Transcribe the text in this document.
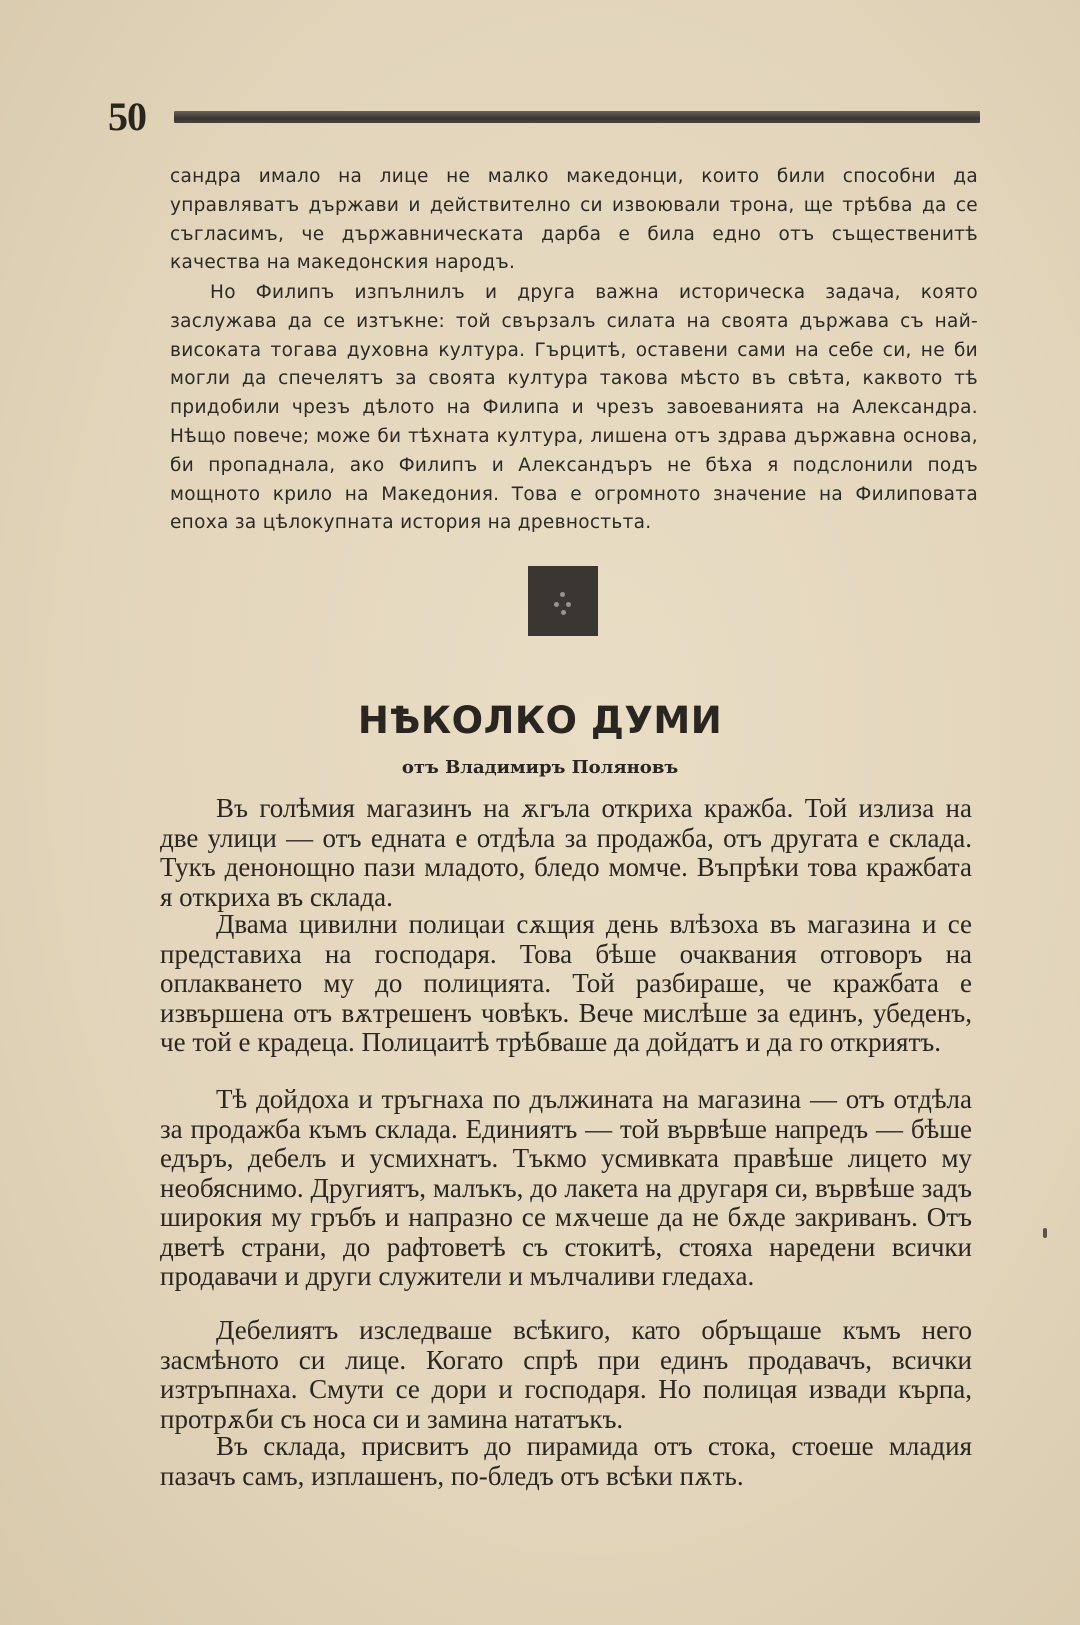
50

сандра имало на лице не малко македонци, които били способни да управляватъ държави и действително си извоювали трона, ще трѣбва да се съгласимъ, че държавническата дарба е била едно отъ същественитѣ качества на македонския народъ.

Но Филипъ изпълнилъ и друга важна историческа задача, която заслужава да се изтъкне: той свързалъ силата на своята държава съ най-високата тогава духовна култура. Гърцитѣ, оставени сами на себе си, не би могли да спечелятъ за своята култура такова мѣсто въ свѣта, каквото тѣ придобили чрезъ дѣлото на Филипа и чрезъ завоеванията на Александра. Нѣщо повече; може би тѣхната култура, лишена отъ здрава държавна основа, би пропаднала, ако Филипъ и Александъръ не бѣха я подслонили подъ мощното крило на Македония. Това е огромното значение на Филиповата епоха за цѣлокупната история на древностьта.

НѢКОЛКО ДУМИ
отъ Владимиръ Поляновъ

Въ голѣмия магазинъ на ѫгъла откриха кражба. Той излиза на две улици — отъ едната е отдѣла за продажба, отъ другата е склада. Тукъ денонощно пази младото, бледо момче. Въпрѣки това кражбата я откриха въ склада.

Двама цивилни полицаи сѫщия день влѣзоха въ магазина и се представиха на господаря. Това бѣше очаквания отговоръ на оплакването му до полицията. Той разбираше, че кражбата е извършена отъ вѫтрешенъ човѣкъ. Вече мислѣше за единъ, убеденъ, че той е крадеца. Полицаитѣ трѣбваше да дойдатъ и да го откриятъ.

Тѣ дойдоха и тръгнаха по дължината на магазина — отъ отдѣла за продажба къмъ склада. Единиятъ — той вървѣше напредъ — бѣше едъръ, дебелъ и усмихнатъ. Тъкмо усмивката правѣше лицето му необяснимо. Другиятъ, малъкъ, до лакета на другаря си, вървѣше задъ широкия му гръбъ и напразно се мѫчеше да не бѫде закриванъ. Отъ дветѣ страни, до рафтоветѣ съ стокитѣ, стояха наредени всички продавачи и други служители и мълчаливи гледаха.

Дебелиятъ изследваше всѣкиго, като обръщаше къмъ него засмѣното си лице. Когато спрѣ при единъ продавачъ, всички изтръпнаха. Смути се дори и господаря. Но полицая извади кърпа, протрѫби съ носа си и замина нататъкъ.

Въ склада, присвитъ до пирамида отъ стока, стоеше младия пазачъ самъ, изплашенъ, по-бледъ отъ всѣки пѫть.
